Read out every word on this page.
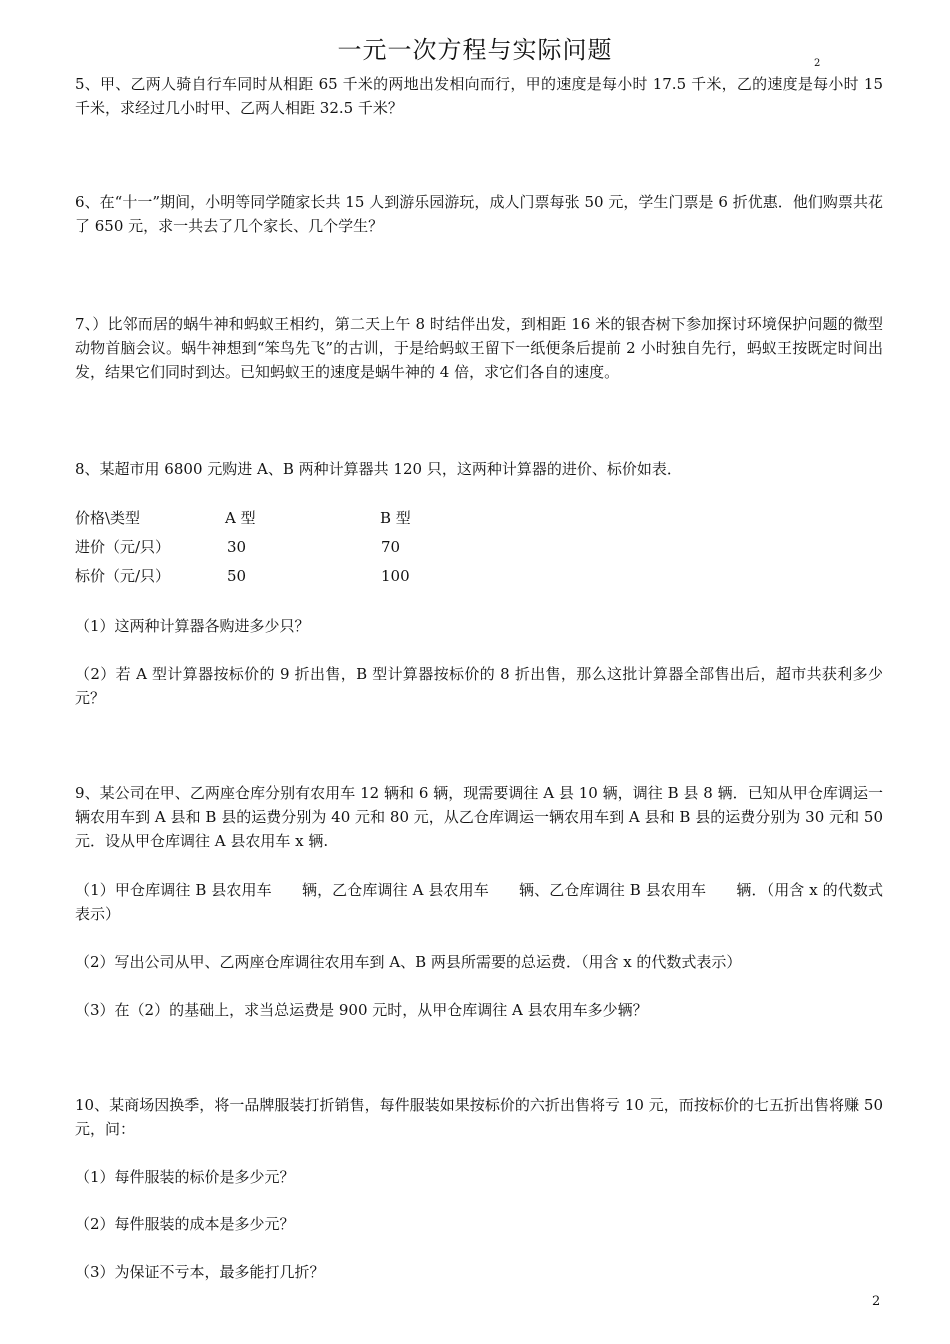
一元一次方程与实际问题	2

5、甲、乙两人骑自行车同时从相距 65 千米的两地出发相向而行，甲的速度是每小时 17.5 千米，乙的速度是每小时 15 千米，求经过几小时甲、乙两人相距 32.5 千米？

6、在“十一”期间，小明等同学随家长共 15 人到游乐园游玩，成人门票每张 50 元，学生门票是 6 折优惠．他们购票共花了 650 元，求一共去了几个家长、几个学生？

7、）比邻而居的蜗牛神和蚂蚁王相约，第二天上午 8 时结伴出发，到相距 16 米的银杏树下参加探讨环境保护问题的微型动物首脑会议。蜗牛神想到“笨鸟先飞”的古训，于是给蚂蚁王留下一纸便条后提前 2 小时独自先行，蚂蚁王按既定时间出发，结果它们同时到达。已知蚂蚁王的速度是蜗牛神的 4 倍，求它们各自的速度。

8、某超市用 6800 元购进 A、B 两种计算器共 120 只，这两种计算器的进价、标价如表．

价格\类型	A 型	B 型
进价（元/只）	30	70
标价（元/只）	50	100

（1）这两种计算器各购进多少只？

（2）若 A 型计算器按标价的 9 折出售，B 型计算器按标价的 8 折出售，那么这批计算器全部售出后，超市共获利多少元？

9、某公司在甲、乙两座仓库分别有农用车 12 辆和 6 辆，现需要调往 A 县 10 辆，调往 B 县 8 辆．已知从甲仓库调运一辆农用车到 A 县和 B 县的运费分别为 40 元和 80 元，从乙仓库调运一辆农用车到 A 县和 B 县的运费分别为 30 元和 50 元．设从甲仓库调往 A 县农用车 x 辆.

（1）甲仓库调往 B 县农用车　　辆，乙仓库调往 A 县农用车　　辆、乙仓库调往 B 县农用车　　辆．（用含 x 的代数式表示）

（2）写出公司从甲、乙两座仓库调往农用车到 A、B 两县所需要的总运费．（用含 x 的代数式表示）

（3）在（2）的基础上，求当总运费是 900 元时，从甲仓库调往 A 县农用车多少辆？

10、某商场因换季，将一品牌服装打折销售，每件服装如果按标价的六折出售将亏 10 元，而按标价的七五折出售将赚 50 元，问：

（1）每件服装的标价是多少元？

（2）每件服装的成本是多少元？

（3）为保证不亏本，最多能打几折？

2
